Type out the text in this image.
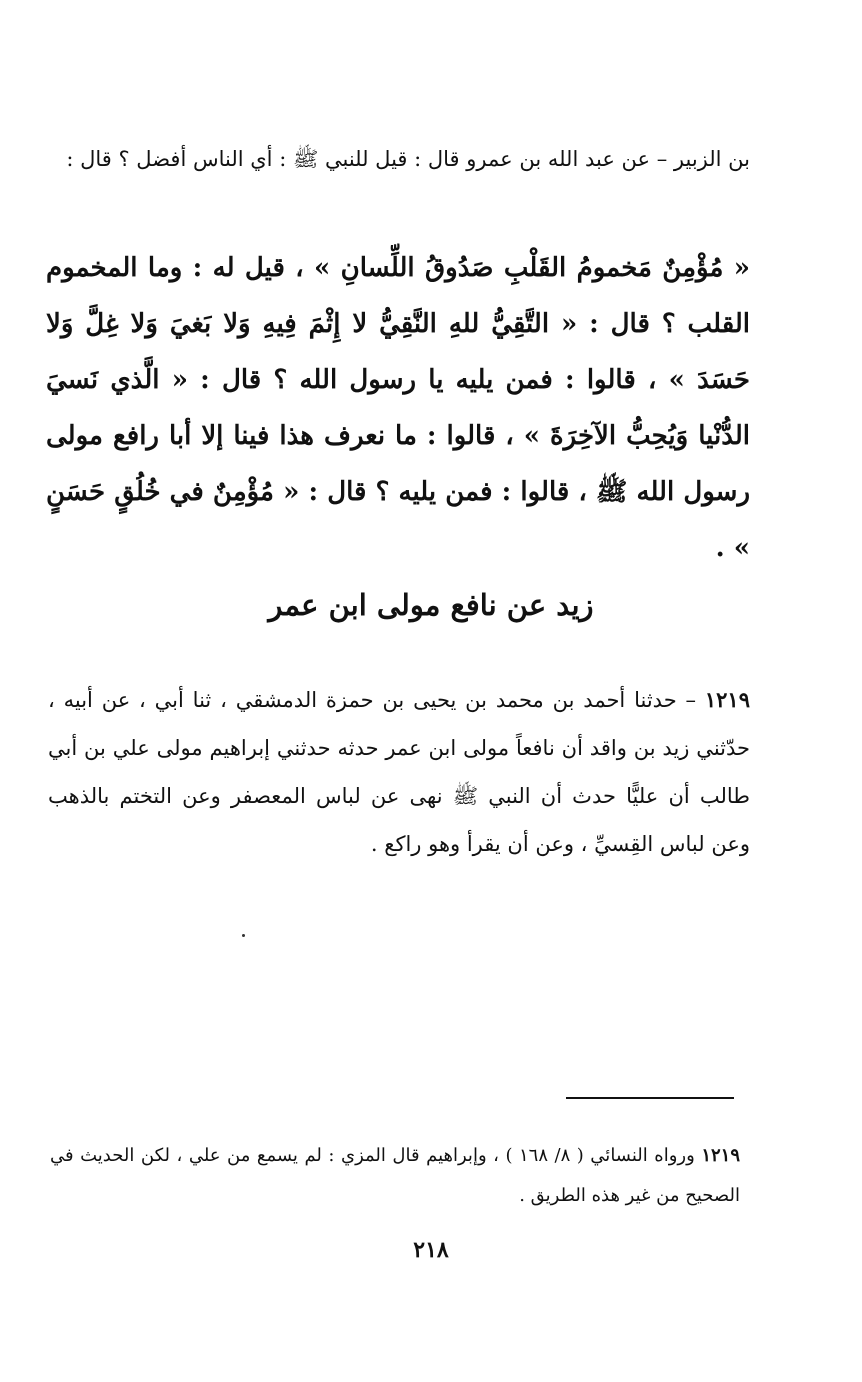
بن الزبير – عن عبد الله بن عمرو قال : قيل للنبي ﷺ : أي الناس أفضل ؟ قال :

« مُؤْمِنٌ مَخمومُ القَلْبِ صَدُوقُ اللِّسانِ » ، قيل له : وما المخموم القلب ؟ قال : « التَّقِيُّ للهِ النَّقِيُّ لا إِثْمَ فِيهِ وَلا بَغيَ وَلا غِلَّ وَلا حَسَدَ » ، قالوا : فمن يليه يا رسول الله ؟ قال : « الَّذي نَسيَ الدُّنْيا وَيُحِبُّ الآخِرَةَ » ، قالوا : ما نعرف هذا فينا إلا أبا رافع مولى رسول الله ﷺ ، قالوا : فمن يليه ؟ قال : « مُؤْمِنٌ في خُلُقٍ حَسَنٍ » .

زيد عن نافع مولى ابن عمر

١٢١٩ – حدثنا أحمد بن محمد بن يحيى بن حمزة الدمشقي ، ثنا أبي ، عن أبيه ، حدّثني زيد بن واقد أن نافعاً مولى ابن عمر حدثه حدثني إبراهيم مولى علي بن أبي طالب أن عليًّا حدث أن النبي ﷺ نهى عن لباس المعصفر وعن التختم بالذهب وعن لباس القِسيِّ ، وعن أن يقرأ وهو راكع .

١٢١٩ ورواه النسائي ( ٨/ ١٦٨ ) ، وإبراهيم قال المزي : لم يسمع من علي ، لكن الحديث في الصحيح من غير هذه الطريق .

٢١٨
